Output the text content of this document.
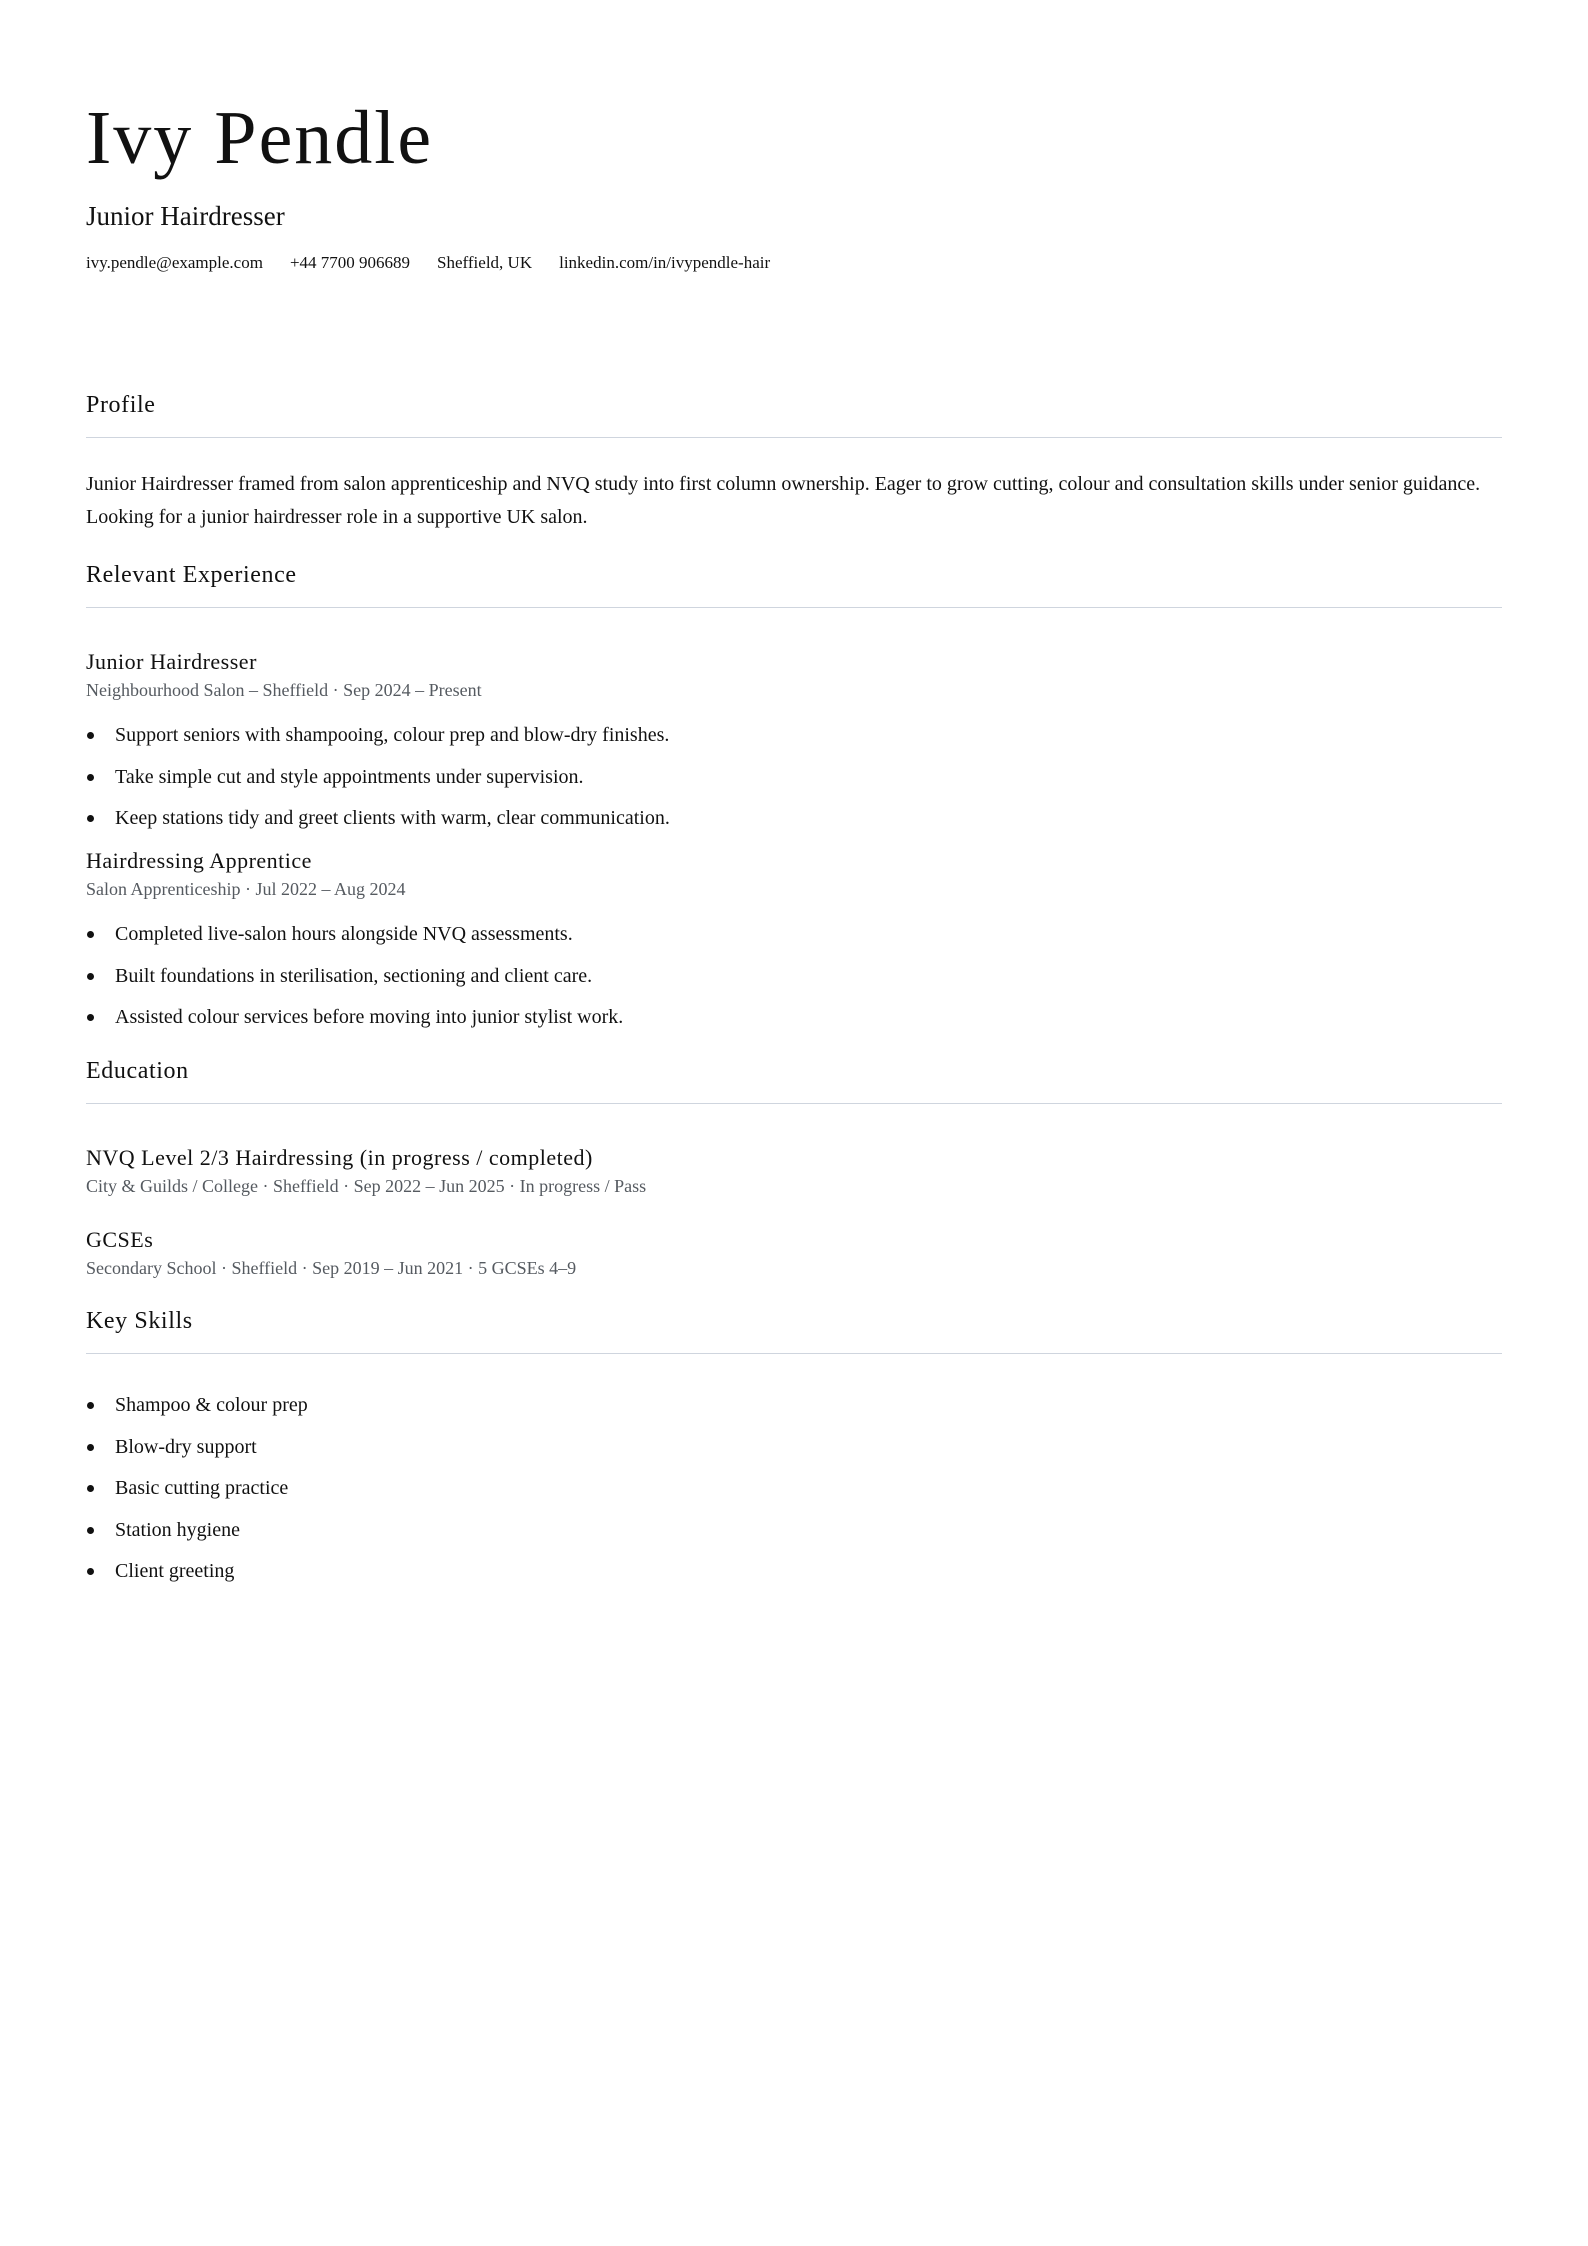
Ivy Pendle
Junior Hairdresser
ivy.pendle@example.com +44 7700 906689 Sheffield, UK linkedin.com/in/ivypendle-hair
Profile

Junior Hairdresser framed from salon apprenticeship and NVQ study into first column ownership. Eager to grow cutting, colour and consultation skills under senior guidance. Looking for a junior hairdresser role in a supportive UK salon.

Relevant Experience
Junior Hairdresser
Neighbourhood Salon – Sheffield · Sep 2024 – Present
Support seniors with shampooing, colour prep and blow-dry finishes.
Take simple cut and style appointments under supervision.
Keep stations tidy and greet clients with warm, clear communication.
Hairdressing Apprentice
Salon Apprenticeship · Jul 2022 – Aug 2024
Completed live-salon hours alongside NVQ assessments.
Built foundations in sterilisation, sectioning and client care.
Assisted colour services before moving into junior stylist work.
Education
NVQ Level 2/3 Hairdressing (in progress / completed)
City & Guilds / College · Sheffield · Sep 2022 – Jun 2025 · In progress / Pass
GCSEs
Secondary School · Sheffield · Sep 2019 – Jun 2021 · 5 GCSEs 4–9
Key Skills
Shampoo & colour prep
Blow-dry support
Basic cutting practice
Station hygiene
Client greeting
